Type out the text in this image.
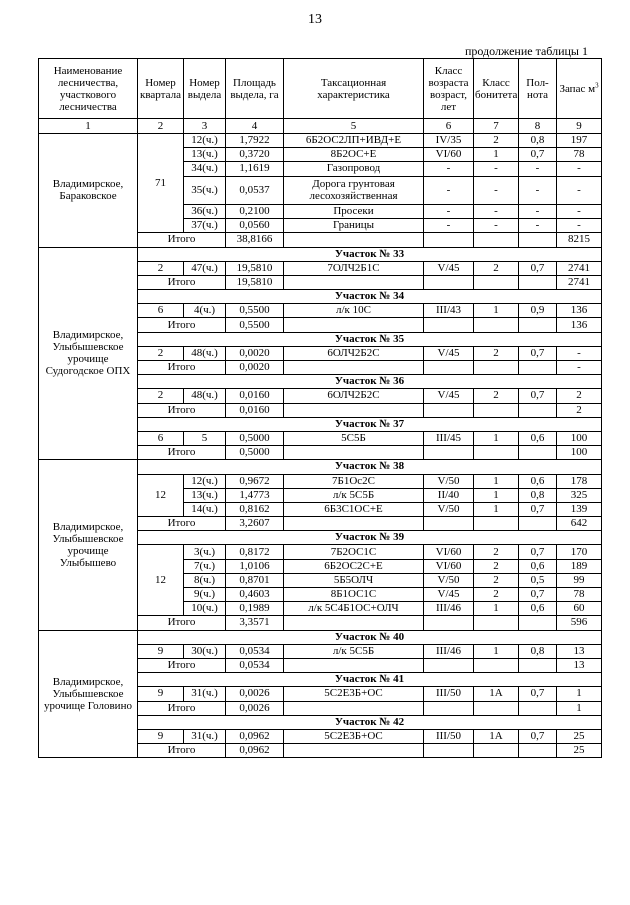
13
продолжение таблицы 1
Наименование лесничества, участкового лесничества	Номер квартала	Номер выдела	Площадь выдела, га	Таксационная характеристика	Класс возраста возраст, лет	Класс бонитета	Пол-нота	Запас $м^3$
1	2	3	4	5	6	7	8	9
Владимирское, Бараковское	71	12(ч.)	1,7922	6Б2ОС2ЛП+ИВД+Е	IV/35	2	0,8	197
		13(ч.)	0,3720	8Б2ОС+Е	VI/60	1	0,7	78
		34(ч.)	1,1619	Газопровод	-	-	-	-
		35(ч.)	0,0537	Дорога грунтовая лесохозяйственная	-	-	-	-
		36(ч.)	0,2100	Просеки	-	-	-	-
		37(ч.)	0,0560	Границы	-	-	-	-
	Итого		38,8166					8215
Владимирское, Улыбышевское урочище Судогодское ОПХ	Участок № 33							
	2	47(ч.)	19,5810	7ОЛЧ2Б1С	V/45	2	0,7	2741
	Итого		19,5810					2741
	Участок № 34							
	6	4(ч.)	0,5500	л/к 10С	III/43	1	0,9	136
	Итого		0,5500					136
	Участок № 35							
	2	48(ч.)	0,0020	6ОЛЧ2Б2С	V/45	2	0,7	-
	Итого		0,0020					-
	Участок № 36							
	2	48(ч.)	0,0160	6ОЛЧ2Б2С	V/45	2	0,7	2
	Итого		0,0160					2
	Участок № 37							
	6	5	0,5000	5С5Б	III/45	1	0,6	100
	Итого		0,5000					100
Владимирское, Улыбышевское урочище Улыбышево	Участок № 38							
	12	12(ч.)	0,9672	7Б1Ос2С	V/50	1	0,6	178
		13(ч.)	1,4773	л/к 5С5Б	II/40	1	0,8	325
		14(ч.)	0,8162	6Б3С1ОС+Е	V/50	1	0,7	139
	Итого		3,2607					642
	Участок № 39							
	12	3(ч.)	0,8172	7Б2ОС1С	VI/60	2	0,7	170
		7(ч.)	1,0106	6Б2ОС2С+Е	VI/60	2	0,6	189
		8(ч.)	0,8701	5Б5ОЛЧ	V/50	2	0,5	99
		9(ч.)	0,4603	8Б1ОС1С	V/45	2	0,7	78
		10(ч.)	0,1989	л/к 5С4Б1ОС+ОЛЧ	III/46	1	0,6	60
	Итого		3,3571					596
Владимирское, Улыбышевское урочище Головино	Участок № 40							
	9	30(ч.)	0,0534	л/к 5С5Б	III/46	1	0,8	13
	Итого		0,0534					13
	Участок № 41							
	9	31(ч.)	0,0026	5С2Е3Б+ОС	III/50	1А	0,7	1
	Итого		0,0026					1
	Участок № 42							
	9	31(ч.)	0,0962	5С2Е3Б+ОС	III/50	1А	0,7	25
	Итого		0,0962					25
